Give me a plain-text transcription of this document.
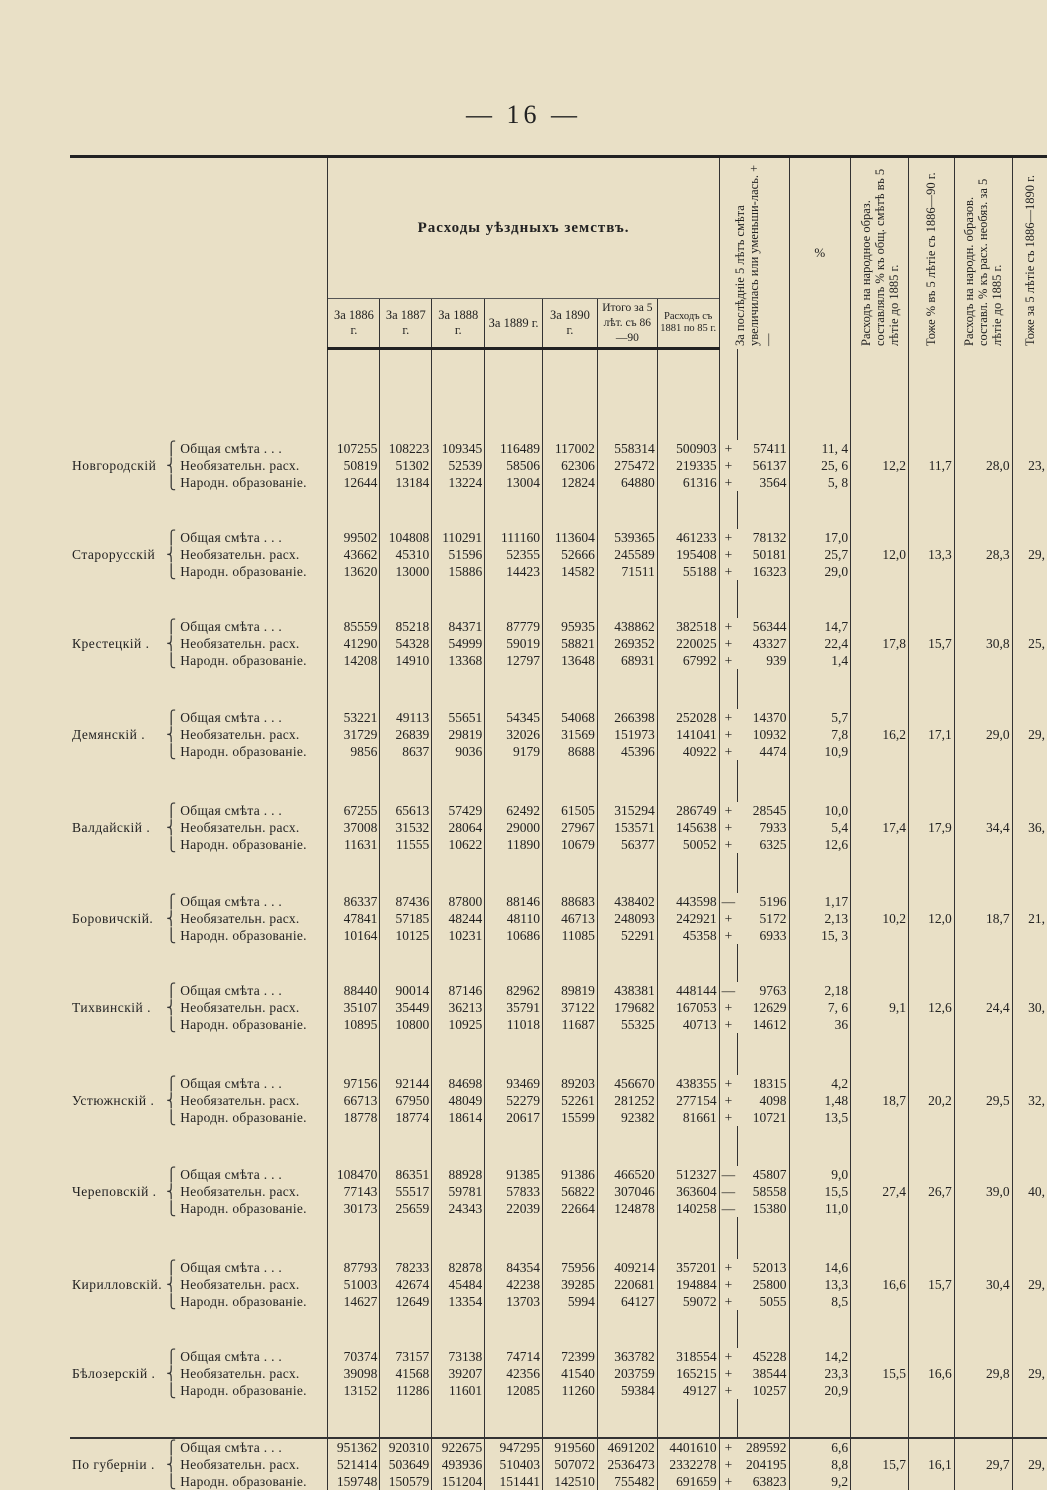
— 16 —
			Расходы уѣздныхъ земствъ.							За послѣдніе 5 лѣтъ смѣта увеличилась или уменьши-лась. + —		%	Расходъ на народное образ. составлялъ % къ общ. смѣтѣ въ 5 лѣтіе до 1885 г.	Тоже % въ 5 лѣтіе съ 1886—90 г.	Расходъ на народн. образов. составл. % къ расх. необяз. за 5 лѣтіе до 1885 г.	Тоже за 5 лѣтіе съ 1886—1890 г.

			За 1886 г.	За 1887 г.	За 1888 г.	За 1889 г.	За 1890 г.	Итого за 5 лѣт. съ 86—90	Расходъ съ 1881 по 85 г.							

Новгородскій	⎧	Общая смѣта . . .	107255	108223	109345	116489	117002	558314	500903	+	57411	11, 4	12,2	11,7	28,0	23,
	⎨	Необязательн. расх.	50819	51302	52539	58506	62306	275472	219335	+	56137	25, 6				
	⎩	Народн. образованіе.	12644	13184	13224	13004	12824	64880	61316	+	3564	5, 8				

Старорусскій	⎧	Общая смѣта . . .	99502	104808	110291	111160	113604	539365	461233	+	78132	17,0	12,0	13,3	28,3	29,
	⎨	Необязательн. расх.	43662	45310	51596	52355	52666	245589	195408	+	50181	25,7				
	⎩	Народн. образованіе.	13620	13000	15886	14423	14582	71511	55188	+	16323	29,0				

Крестецкій .	⎧	Общая смѣта . . .	85559	85218	84371	87779	95935	438862	382518	+	56344	14,7	17,8	15,7	30,8	25,
	⎨	Необязательн. расх.	41290	54328	54999	59019	58821	269352	220025	+	43327	22,4				
	⎩	Народн. образованіе.	14208	14910	13368	12797	13648	68931	67992	+	939	1,4				

Демянскій .	⎧	Общая смѣта . . .	53221	49113	55651	54345	54068	266398	252028	+	14370	5,7	16,2	17,1	29,0	29,
	⎨	Необязательн. расх.	31729	26839	29819	32026	31569	151973	141041	+	10932	7,8				
	⎩	Народн. образованіе.	9856	8637	9036	9179	8688	45396	40922	+	4474	10,9				

Валдайскій .	⎧	Общая смѣта . . .	67255	65613	57429	62492	61505	315294	286749	+	28545	10,0	17,4	17,9	34,4	36,
	⎨	Необязательн. расх.	37008	31532	28064	29000	27967	153571	145638	+	7933	5,4				
	⎩	Народн. образованіе.	11631	11555	10622	11890	10679	56377	50052	+	6325	12,6				

Боровичскій.	⎧	Общая смѣта . . .	86337	87436	87800	88146	88683	438402	443598	—	5196	1,17	10,2	12,0	18,7	21,
	⎨	Необязательн. расх.	47841	57185	48244	48110	46713	248093	242921	+	5172	2,13				
	⎩	Народн. образованіе.	10164	10125	10231	10686	11085	52291	45358	+	6933	15, 3				

Тихвинскій .	⎧	Общая смѣта . . .	88440	90014	87146	82962	89819	438381	448144	—	9763	2,18	9,1	12,6	24,4	30,
	⎨	Необязательн. расх.	35107	35449	36213	35791	37122	179682	167053	+	12629	7, 6				
	⎩	Народн. образованіе.	10895	10800	10925	11018	11687	55325	40713	+	14612	36				

Устюжнскій .	⎧	Общая смѣта . . .	97156	92144	84698	93469	89203	456670	438355	+	18315	4,2	18,7	20,2	29,5	32,
	⎨	Необязательн. расх.	66713	67950	48049	52279	52261	281252	277154	+	4098	1,48				
	⎩	Народн. образованіе.	18778	18774	18614	20617	15599	92382	81661	+	10721	13,5				

Череповскій .	⎧	Общая смѣта . . .	108470	86351	88928	91385	91386	466520	512327	—	45807	9,0	27,4	26,7	39,0	40,
	⎨	Необязательн. расх.	77143	55517	59781	57833	56822	307046	363604	—	58558	15,5				
	⎩	Народн. образованіе.	30173	25659	24343	22039	22664	124878	140258	—	15380	11,0				

Кирилловскій.	⎧	Общая смѣта . . .	87793	78233	82878	84354	75956	409214	357201	+	52013	14,6	16,6	15,7	30,4	29,
	⎨	Необязательн. расх.	51003	42674	45484	42238	39285	220681	194884	+	25800	13,3				
	⎩	Народн. образованіе.	14627	12649	13354	13703	5994	64127	59072	+	5055	8,5				

Бѣлозерскій .	⎧	Общая смѣта . . .	70374	73157	73138	74714	72399	363782	318554	+	45228	14,2	15,5	16,6	29,8	29,
	⎨	Необязательн. расх.	39098	41568	39207	42356	41540	203759	165215	+	38544	23,3				
	⎩	Народн. образованіе.	13152	11286	11601	12085	11260	59384	49127	+	10257	20,9				

По губерніи .	⎧	Общая смѣта . . .	951362	920310	922675	947295	919560	4691202	4401610	+	289592	6,6	15,7	16,1	29,7	29,
	⎨	Необязательн. расх.	521414	503649	493936	510403	507072	2536473	2332278	+	204195	8,8				
	⎩	Народн. образованіе.	159748	150579	151204	151441	142510	755482	691659	+	63823	9,2				
